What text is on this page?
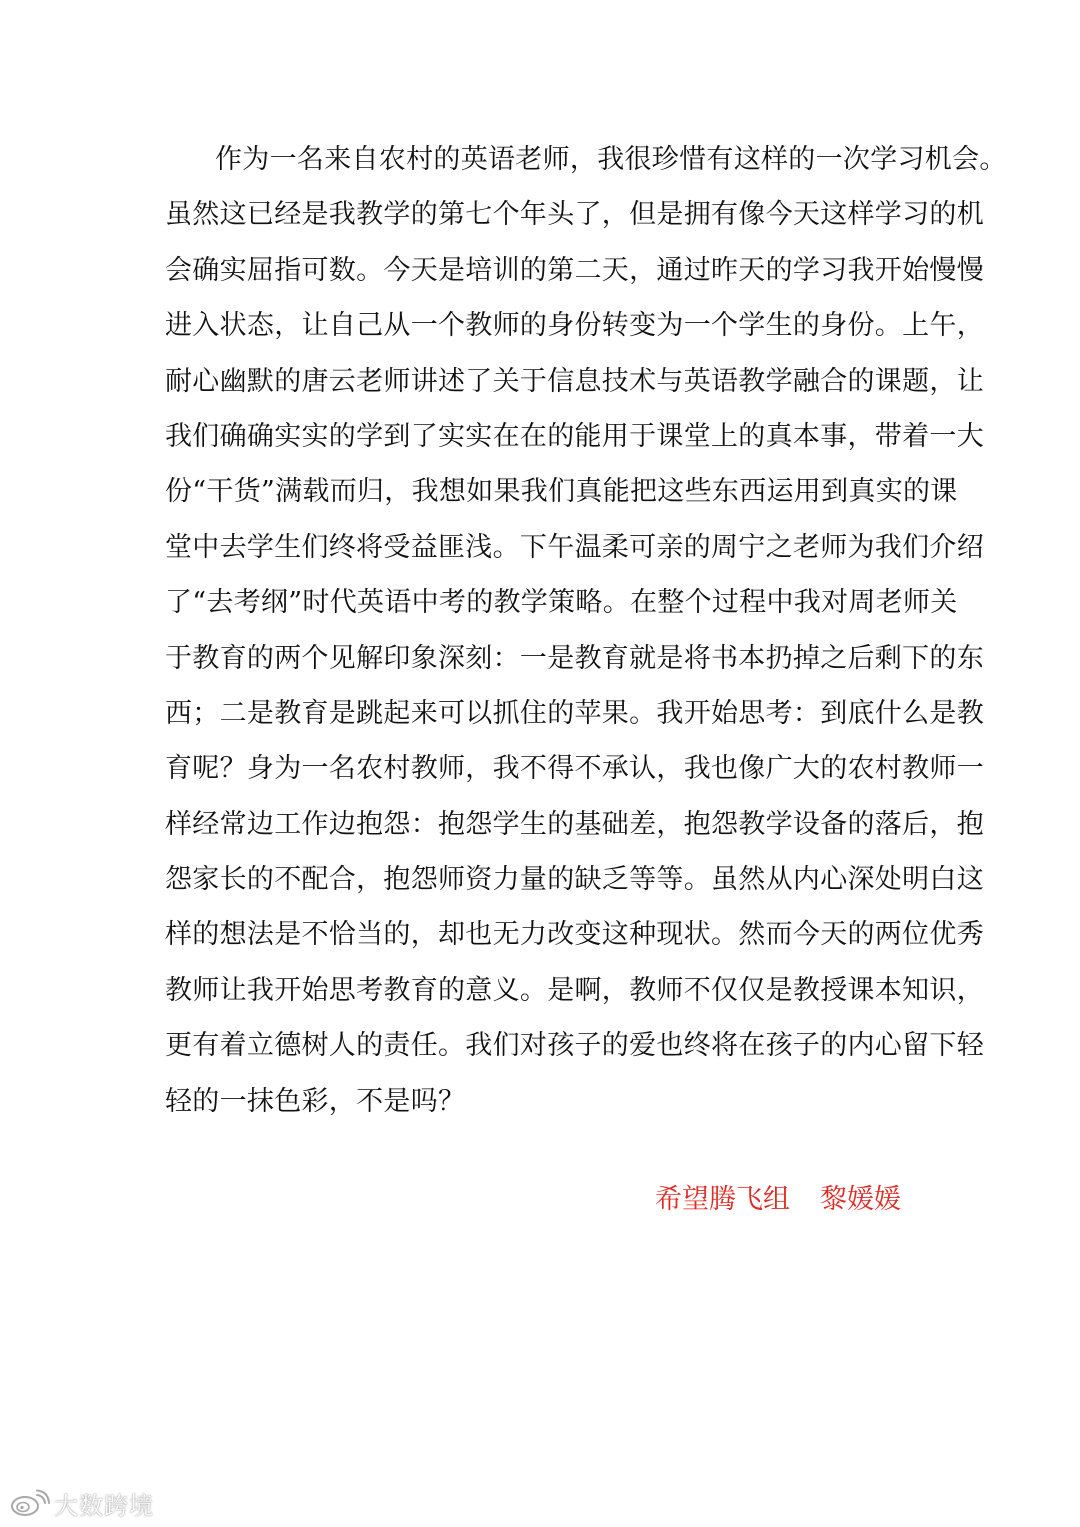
作为一名来自农村的英语老师，我很珍惜有这样的一次学习机会。
虽然这已经是我教学的第七个年头了，但是拥有像今天这样学习的机
会确实屈指可数。今天是培训的第二天，通过昨天的学习我开始慢慢
进入状态，让自己从一个教师的身份转变为一个学生的身份。上午，
耐心幽默的唐云老师讲述了关于信息技术与英语教学融合的课题，让
我们确确实实的学到了实实在在的能用于课堂上的真本事，带着一大
份“干货”满载而归，我想如果我们真能把这些东西运用到真实的课
堂中去学生们终将受益匪浅。下午温柔可亲的周宁之老师为我们介绍
了“去考纲”时代英语中考的教学策略。在整个过程中我对周老师关
于教育的两个见解印象深刻：一是教育就是将书本扔掉之后剩下的东
西；二是教育是跳起来可以抓住的苹果。我开始思考：到底什么是教
育呢？身为一名农村教师，我不得不承认，我也像广大的农村教师一
样经常边工作边抱怨：抱怨学生的基础差，抱怨教学设备的落后，抱
怨家长的不配合，抱怨师资力量的缺乏等等。虽然从内心深处明白这
样的想法是不恰当的，却也无力改变这种现状。然而今天的两位优秀
教师让我开始思考教育的意义。是啊，教师不仅仅是教授课本知识，
更有着立德树人的责任。我们对孩子的爱也终将在孩子的内心留下轻
轻的一抹色彩，不是吗？
希望腾飞组 黎媛媛
大数跨境
